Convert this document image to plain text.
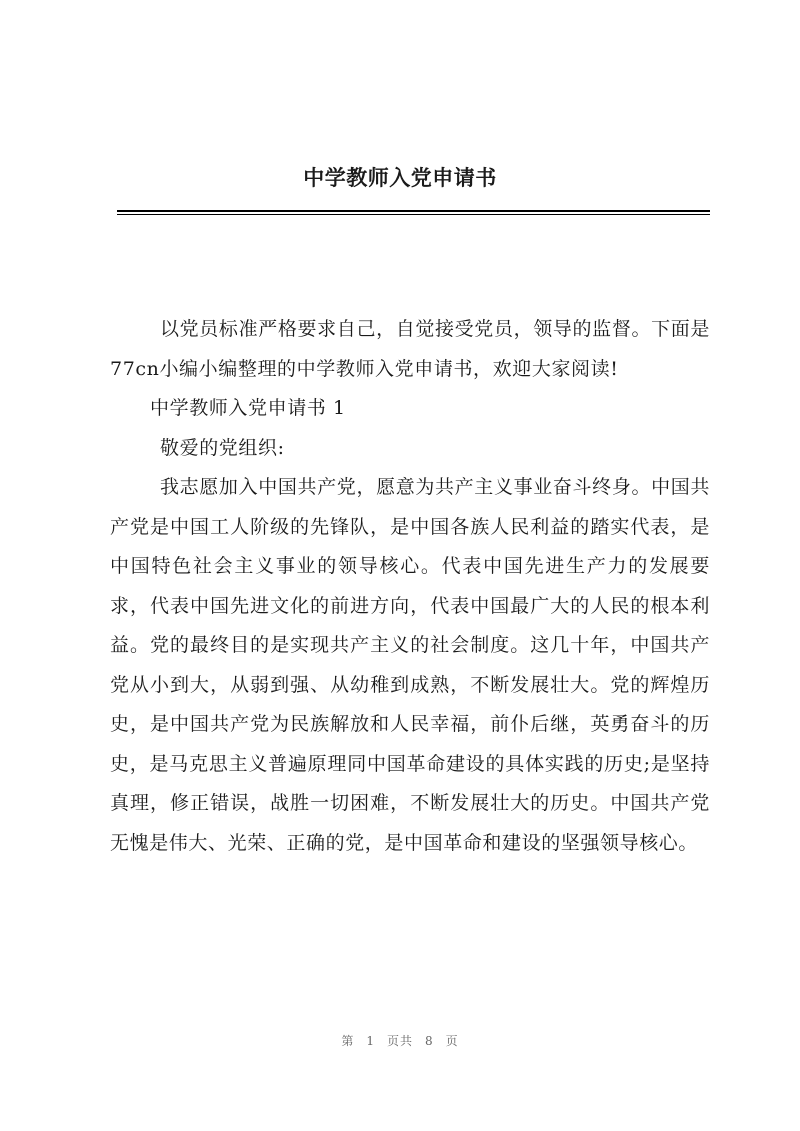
中学教师入党申请书

以党员标准严格要求自己，自觉接受党员，领导的监督。下面是77cn小编小编整理的中学教师入党申请书，欢迎大家阅读!

中学教师入党申请书 1

敬爱的党组织:

我志愿加入中国共产党，愿意为共产主义事业奋斗终身。中国共产党是中国工人阶级的先锋队，是中国各族人民利益的踏实代表，是中国特色社会主义事业的领导核心。代表中国先进生产力的发展要求，代表中国先进文化的前进方向，代表中国最广大的人民的根本利益。党的最终目的是实现共产主义的社会制度。这几十年，中国共产党从小到大，从弱到强、从幼稚到成熟，不断发展壮大。党的辉煌历史，是中国共产党为民族解放和人民幸福，前仆后继，英勇奋斗的历史，是马克思主义普遍原理同中国革命建设的具体实践的历史;是坚持真理，修正错误，战胜一切困难，不断发展壮大的历史。中国共产党无愧是伟大、光荣、正确的党，是中国革命和建设的坚强领导核心。

第 1 页共 8 页
